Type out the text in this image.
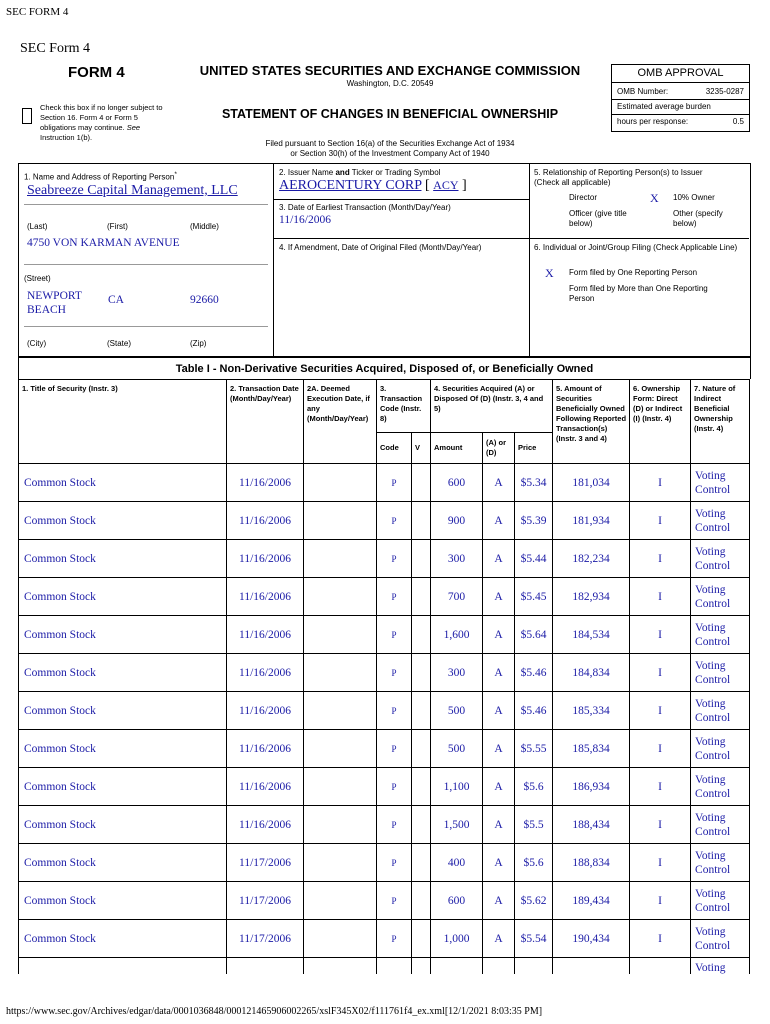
SEC FORM 4
SEC Form 4
FORM 4
Check this box if no longer subject to Section 16. Form 4 or Form 5 obligations may continue. See Instruction 1(b).
UNITED STATES SECURITIES AND EXCHANGE COMMISSION
Washington, D.C. 20549
STATEMENT OF CHANGES IN BENEFICIAL OWNERSHIP
OMB APPROVAL
OMB Number:	3235-0287
Estimated average burden
hours per response:	0.5
Filed pursuant to Section 16(a) of the Securities Exchange Act of 1934
or Section 30(h) of the Investment Company Act of 1940
1. Name and Address of Reporting Person*
Seabreeze Capital Management, LLC
(Last)	(First)	(Middle)
4750 VON KARMAN AVENUE
(Street)
NEWPORT BEACH
CA	92660
(City)	(State)	(Zip)
2. Issuer Name and Ticker or Trading Symbol
AEROCENTURY CORP [ ACY ]
3. Date of Earliest Transaction (Month/Day/Year)
11/16/2006
4. If Amendment, Date of Original Filed (Month/Day/Year)
5. Relationship of Reporting Person(s) to Issuer
(Check all applicable)
Director	X 10% Owner
Officer (give title below)
Other (specify below)
6. Individual or Joint/Group Filing (Check Applicable Line)
X Form filed by One Reporting Person
Form filed by More than One Reporting Person
Table I - Non-Derivative Securities Acquired, Disposed of, or Beneficially Owned
1. Title of Security (Instr. 3)	2. Transaction Date (Month/Day/Year)	2A. Deemed Execution Date, if any (Month/Day/Year)	3. Transaction Code (Instr. 8)		4. Securities Acquired (A) or Disposed Of (D) (Instr. 3, 4 and 5)			5. Amount of Securities Beneficially Owned Following Reported Transaction(s) (Instr. 3 and 4)	6. Ownership Form: Direct (D) or Indirect (I) (Instr. 4)	7. Nature of Indirect Beneficial Ownership (Instr. 4)
			Code	V	Amount	(A) or (D)	Price			
Common Stock	11/16/2006		P		600	A	$5.34	181,034	I	Voting Control
Common Stock	11/16/2006		P		900	A	$5.39	181,934	I	Voting Control
Common Stock	11/16/2006		P		300	A	$5.44	182,234	I	Voting Control
Common Stock	11/16/2006		P		700	A	$5.45	182,934	I	Voting Control
Common Stock	11/16/2006		P		1,600	A	$5.64	184,534	I	Voting Control
Common Stock	11/16/2006		P		300	A	$5.46	184,834	I	Voting Control
Common Stock	11/16/2006		P		500	A	$5.46	185,334	I	Voting Control
Common Stock	11/16/2006		P		500	A	$5.55	185,834	I	Voting Control
Common Stock	11/16/2006		P		1,100	A	$5.6	186,934	I	Voting Control
Common Stock	11/16/2006		P		1,500	A	$5.5	188,434	I	Voting Control
Common Stock	11/17/2006		P		400	A	$5.6	188,834	I	Voting Control
Common Stock	11/17/2006		P		600	A	$5.62	189,434	I	Voting Control
Common Stock	11/17/2006		P		1,000	A	$5.54	190,434	I	Voting Control
										Voting
https://www.sec.gov/Archives/edgar/data/0001036848/000121465906002265/xslF345X02/f111761f4_ex.xml[12/1/2021 8:03:35 PM]
